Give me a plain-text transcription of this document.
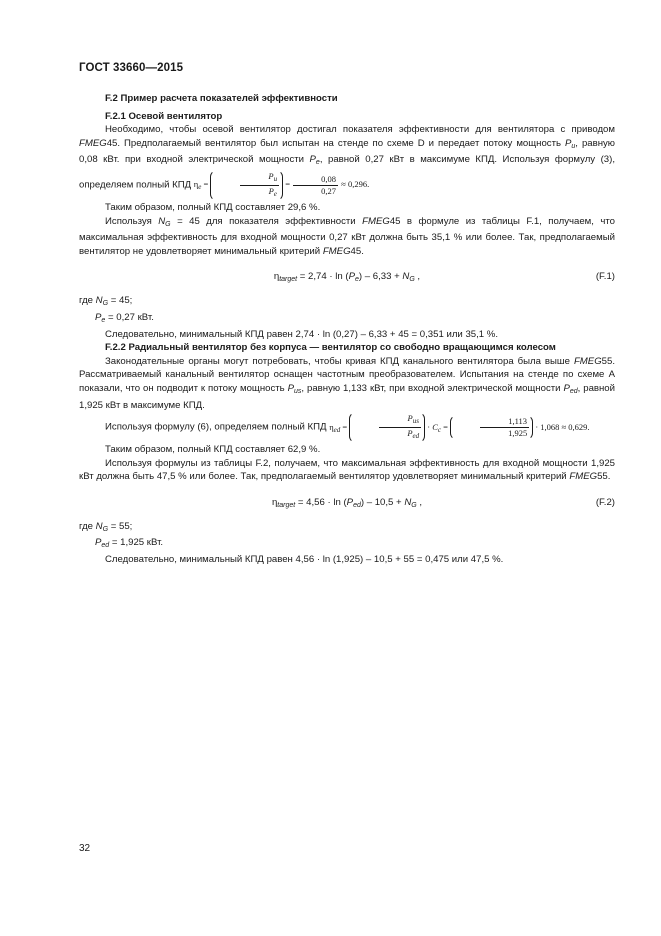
ГОСТ 33660—2015

F.2 Пример расчета показателей эффективности

F.2.1 Осевой вентилятор

Необходимо, чтобы осевой вентилятор достигал показателя эффективности для вентилятора с приводом FMEG45. Предполагаемый вентилятор был испытан на стенде по схеме D и передает потоку мощность $P_u$, равную 0,08 кВт. при входной электрической мощности $P_e$, равной 0,27 кВт в максимуме КПД. Используя формулу (3), определяем полный КПД $\eta_e$ =	$\frac{P_u}{P_e} = \frac{0,08}{0,27} \approx 0,296$.

Таким образом, полный КПД составляет 29,6 %.

Используя $N_G = 45$ для показателя эффективности FMEG45 в формуле из таблицы F.1, получаем, что максимальная эффективность для входной мощности 0,27 кВт должна быть 35,1 % или более. Так, предполагаемый вентилятор не удовлетворяет минимальный критерий FMEG45.

$\eta_{target} = 2,74 \cdot \ln (P_e) - 6,33 + N_G$ ,	(F.1)

где $N_G = 45$;

$P_e = 0,27$ кВт.

Следовательно, минимальный КПД равен 2,74 · ln (0,27) – 6,33 + 45 = 0,351 или 35,1 %.

F.2.2 Радиальный вентилятор без корпуса — вентилятор со свободно вращающимся колесом

Законодательные органы могут потребовать, чтобы кривая КПД канального вентилятора была выше FMEG55. Рассматриваемый канальный вентилятор оснащен частотным преобразователем. Испытания на стенде по схеме А показали, что он подводит к потоку мощность $P_{us}$, равную 1,133 кВт, при входной электрической мощности $P_{ed}$, равной 1,925 кВт в максимуме КПД.

Используя формулу (6), определяем полный КПД $\eta_{ed}$ =	$\frac{P_{us}}{P_{ed}} \cdot C_c$ =	$\frac{1,113}{1,925} \cdot 1,068 \approx 0,629$.

Таким образом, полный КПД составляет 62,9 %.

Используя формулы из таблицы F.2, получаем, что максимальная эффективность для входной мощности 1,925 кВт должна быть 47,5 % или более. Так, предполагаемый вентилятор удовлетворяет минимальный критерий FMEG55.

$\eta_{target} = 4,56 \cdot \ln (P_{ed}) - 10,5 + N_G$ ,	(F.2)

где $N_G = 55$;

$P_{ed} = 1,925$ кВт.

Следовательно, минимальный КПД равен 4,56 · ln (1,925) – 10,5 + 55 = 0,475 или 47,5 %.

32
